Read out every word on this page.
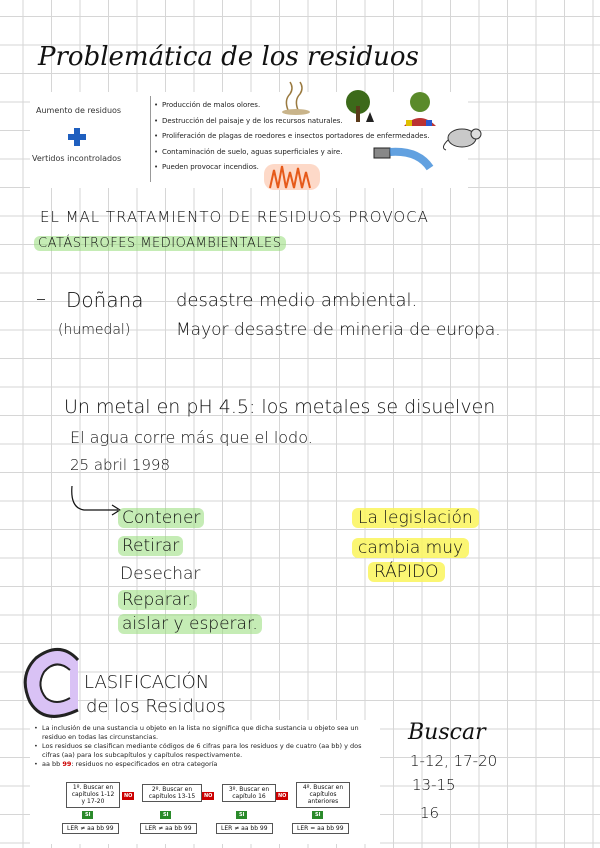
Problemática de los residuos
Aumento de residuos
Vertidos incontrolados
• Producción de malos olores.
• Destrucción del paisaje y de los recursos naturales.
• Proliferación de plagas de roedores e insectos portadores de enfermedades.
• Contaminación de suelo, aguas superficiales y aire.
• Pueden provocar incendios.
EL MAL TRATAMIENTO DE RESIDUOS PROVOCA
CATÁSTROFES MEDIOAMBIENTALES
– Doñana desastre medio ambiental.
(humedal)	Mayor desastre de mineria de europa.
Un metal en pH 4.5: los metales se disuelven
El agua corre más que el lodo.
25 abril 1998
Contener
Retirar
Desechar
Reparar.
aislar y esperar.
La legislación
cambia muy
RÁPIDO
LASIFICACIÓN
de los Residuos
• La inclusión de una sustancia u objeto en la lista no significa que dicha sustancia u objeto sea un residuo en todas las circunstancias.
• Los residuos se clasifican mediante códigos de 6 cifras para los residuos y de cuatro (aa bb) y dos cifras (aa) para los subcapítulos y capítulos respectivamente.
• aa bb 99: residuos no especificados en otra categoría
1º. Buscar en capítulos 1-12 y 17-20
NO
2º. Buscar en capítulos 13-15	NO
3º. Buscar en capítulo 16	NO
4º. Buscar en capítulos anteriores
SI	SI	SI	SI
LER ≠ aa bb 99	LER ≠ aa bb 99	LER ≠ aa bb 99	LER = aa bb 99
Buscar
1-12, 17-20
13-15
16
